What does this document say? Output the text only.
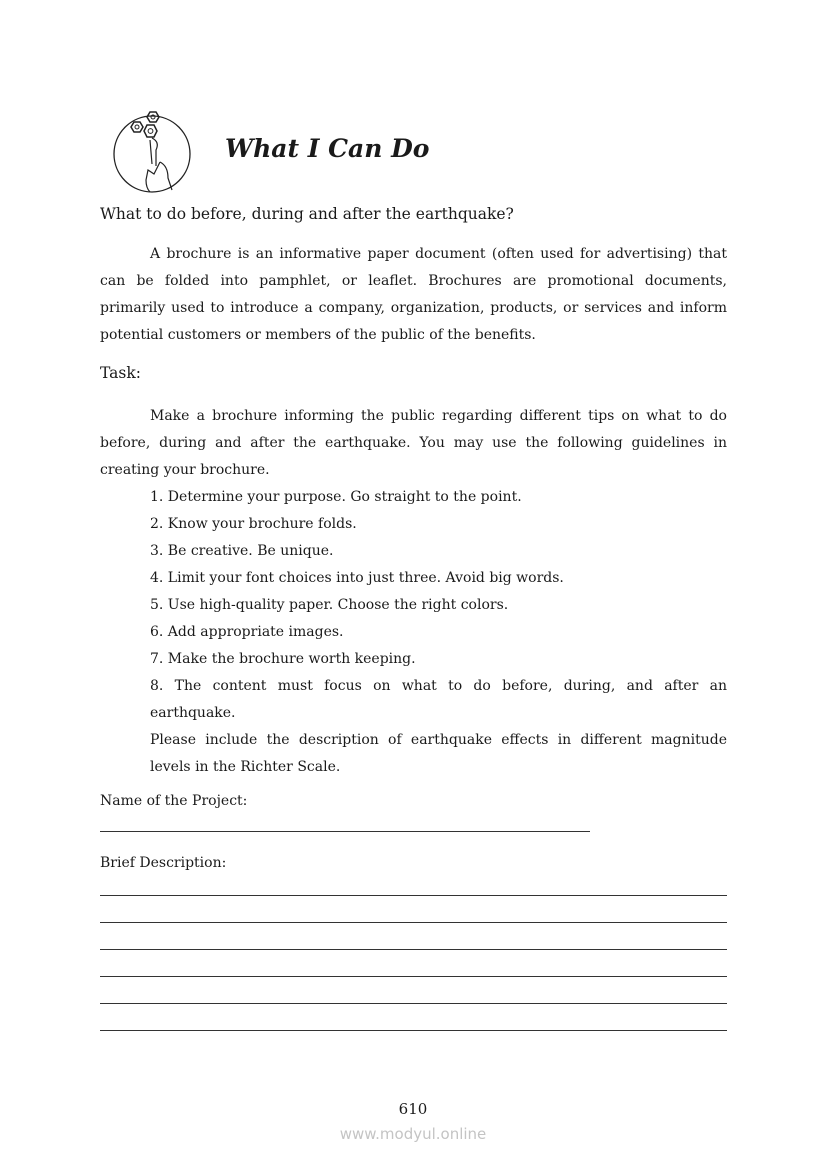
What I Can Do
What to do before, during and after the earthquake?
A brochure is an informative paper document (often used for advertising) that can be folded into pamphlet, or leaflet. Brochures are promotional documents, primarily used to introduce a company, organization, products, or services and inform potential customers or members of the public of the benefits.
Task:
Make a brochure informing the public regarding different tips on what to do before, during and after the earthquake. You may use the following guidelines in creating your brochure.
1. Determine your purpose. Go straight to the point.
2. Know your brochure folds.
3. Be creative. Be unique.
4. Limit your font choices into just three. Avoid big words.
5. Use high-quality paper. Choose the right colors.
6. Add appropriate images.
7. Make the brochure worth keeping.
8. The content must focus on what to do before, during, and after an earthquake.
Please include the description of earthquake effects in different magnitude levels in the Richter Scale.
Name of the Project:
Brief Description:
610
www.modyul.online
